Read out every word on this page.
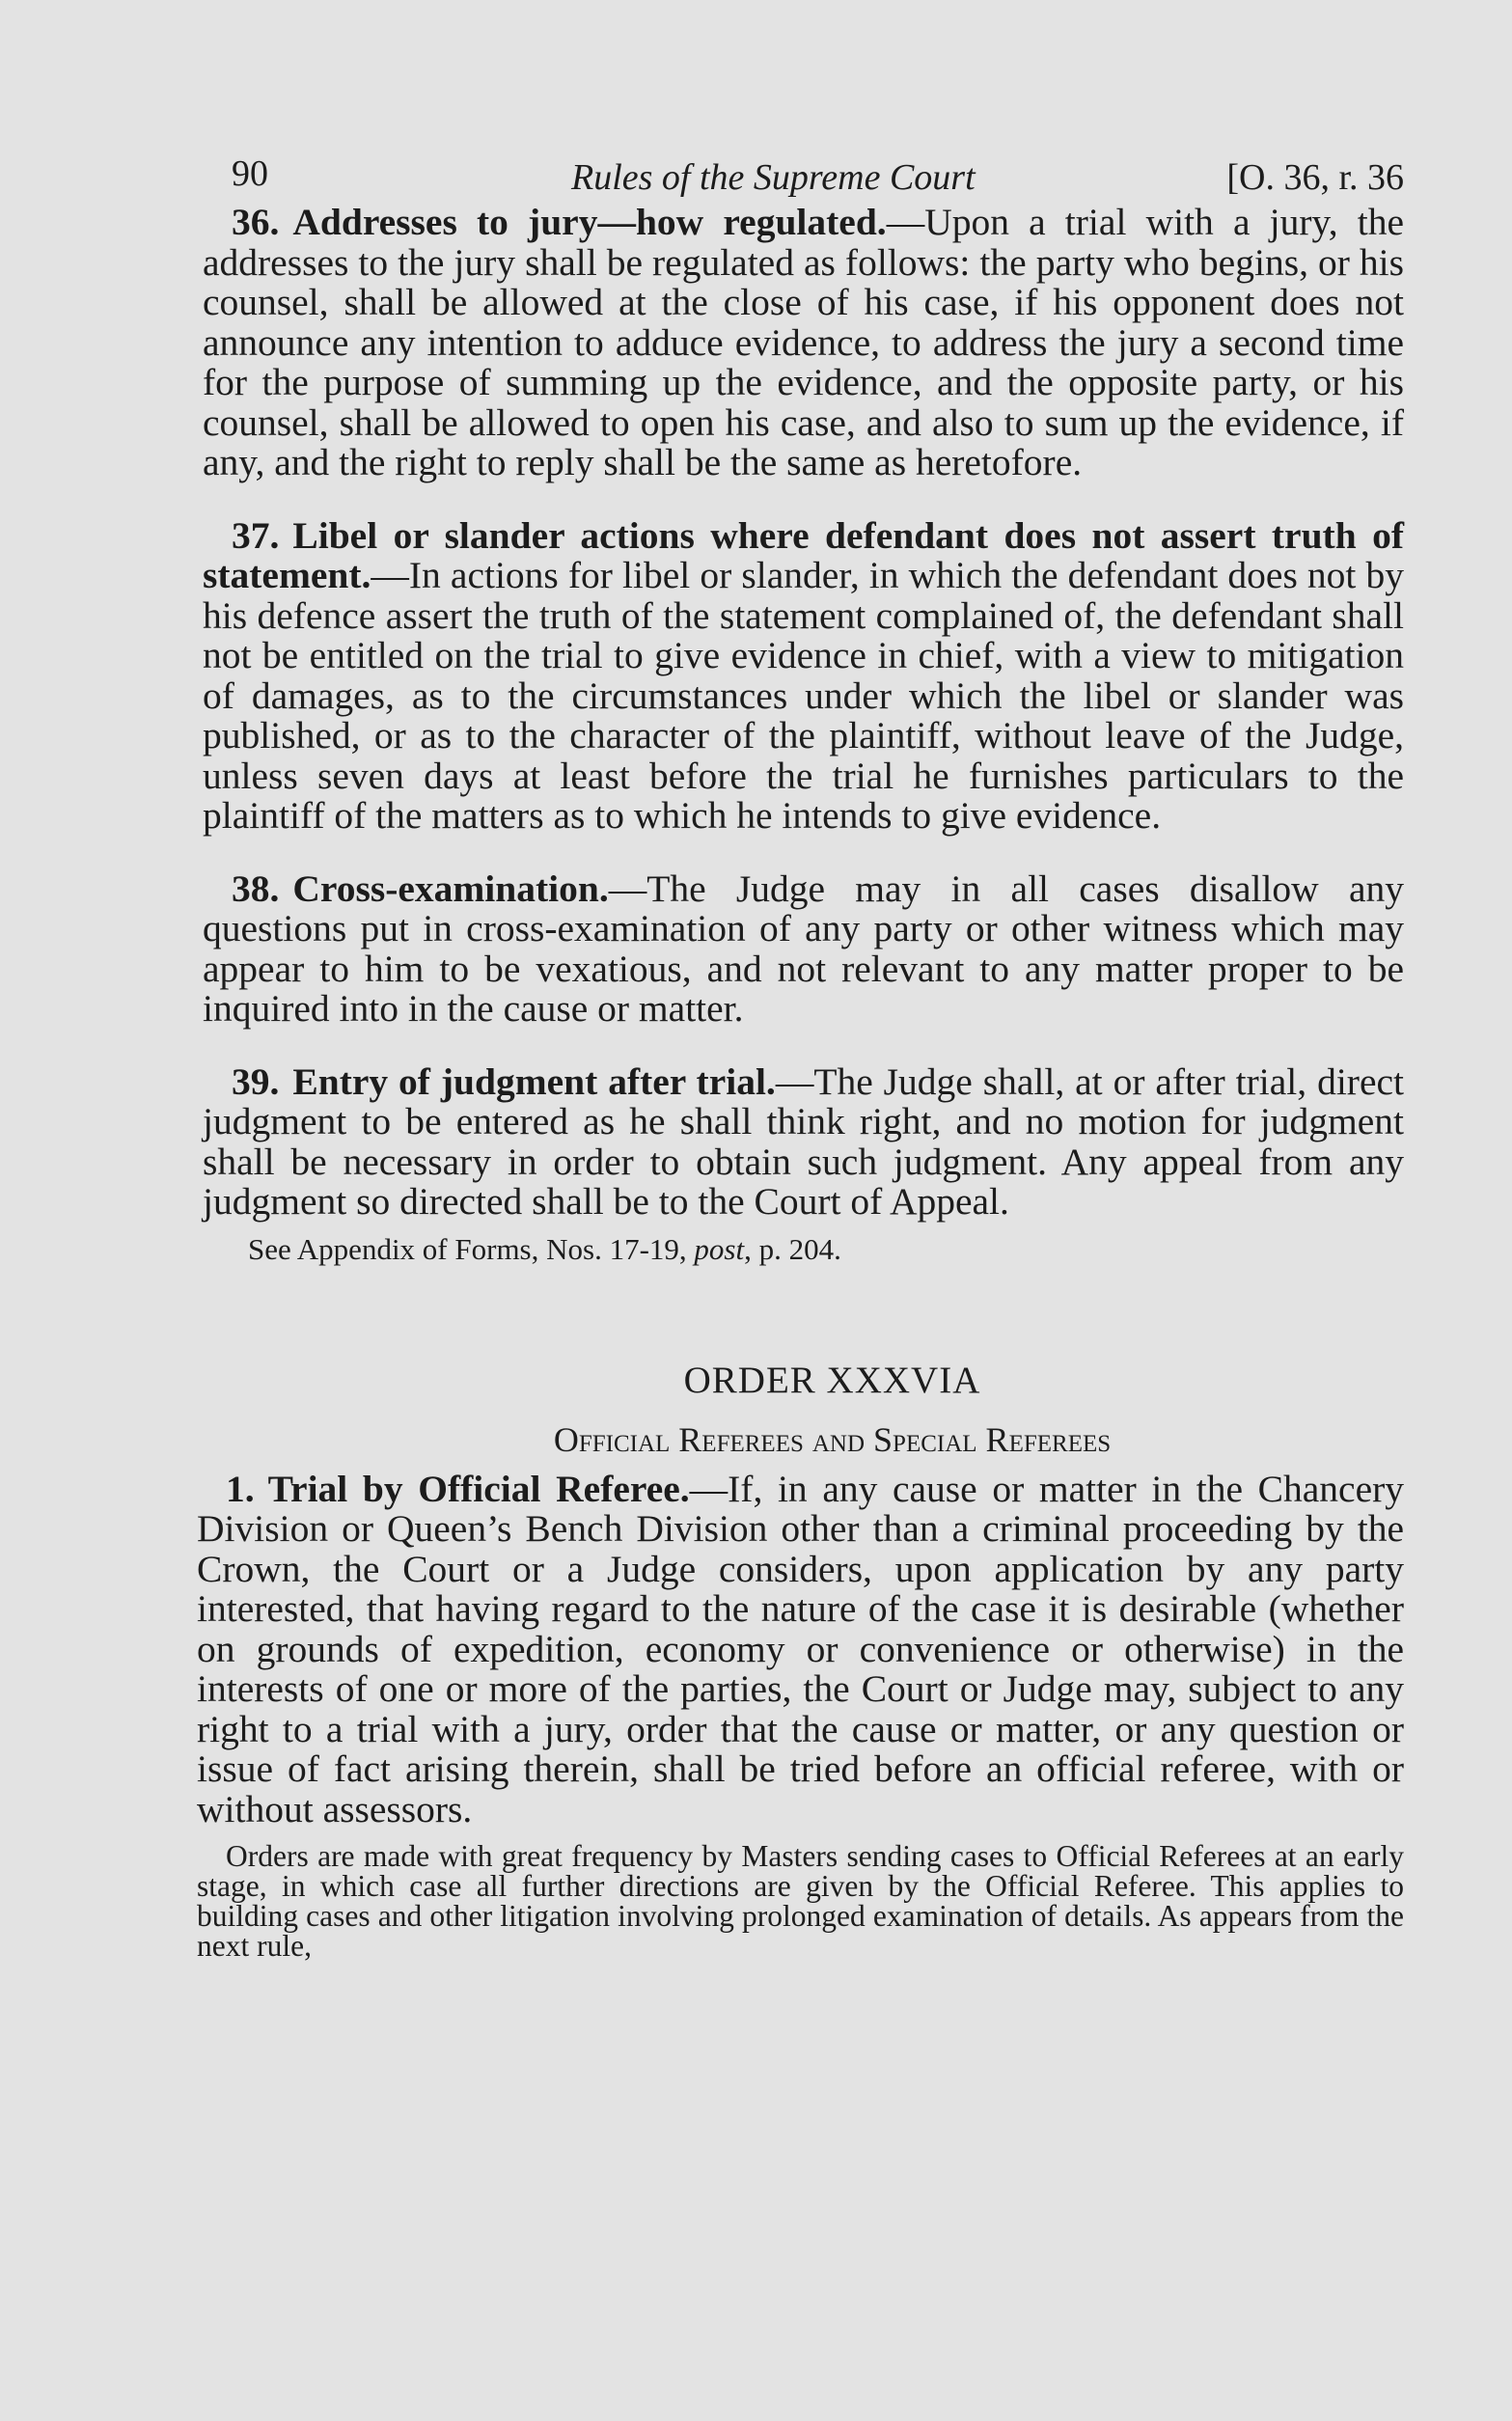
90	Rules of the Supreme Court	[O. 36, r. 36

36. Addresses to jury—how regulated.—Upon a trial with a jury, the addresses to the jury shall be regulated as follows: the party who begins, or his counsel, shall be allowed at the close of his case, if his opponent does not announce any intention to adduce evidence, to address the jury a second time for the purpose of summing up the evidence, and the opposite party, or his counsel, shall be allowed to open his case, and also to sum up the evidence, if any, and the right to reply shall be the same as heretofore.

37. Libel or slander actions where defendant does not assert truth of statement.—In actions for libel or slander, in which the defendant does not by his defence assert the truth of the statement complained of, the defendant shall not be entitled on the trial to give evidence in chief, with a view to mitigation of damages, as to the circumstances under which the libel or slander was published, or as to the character of the plaintiff, without leave of the Judge, unless seven days at least before the trial he furnishes particulars to the plaintiff of the matters as to which he intends to give evidence.

38. Cross-examination.—The Judge may in all cases disallow any questions put in cross-examination of any party or other witness which may appear to him to be vexatious, and not relevant to any matter proper to be inquired into in the cause or matter.

39. Entry of judgment after trial.—The Judge shall, at or after trial, direct judgment to be entered as he shall think right, and no motion for judgment shall be necessary in order to obtain such judgment. Any appeal from any judgment so directed shall be to the Court of Appeal.

See Appendix of Forms, Nos. 17-19, post, p. 204.
ORDER XXXVIA
Official Referees and Special Referees

1. Trial by Official Referee.—If, in any cause or matter in the Chancery Division or Queen’s Bench Division other than a criminal proceeding by the Crown, the Court or a Judge considers, upon application by any party interested, that having regard to the nature of the case it is desirable (whether on grounds of expedition, economy or convenience or otherwise) in the interests of one or more of the parties, the Court or Judge may, subject to any right to a trial with a jury, order that the cause or matter, or any question or issue of fact arising therein, shall be tried before an official referee, with or without assessors.

Orders are made with great frequency by Masters sending cases to Official Referees at an early stage, in which case all further directions are given by the Official Referee. This applies to building cases and other litigation involving prolonged examination of details. As appears from the next rule,
